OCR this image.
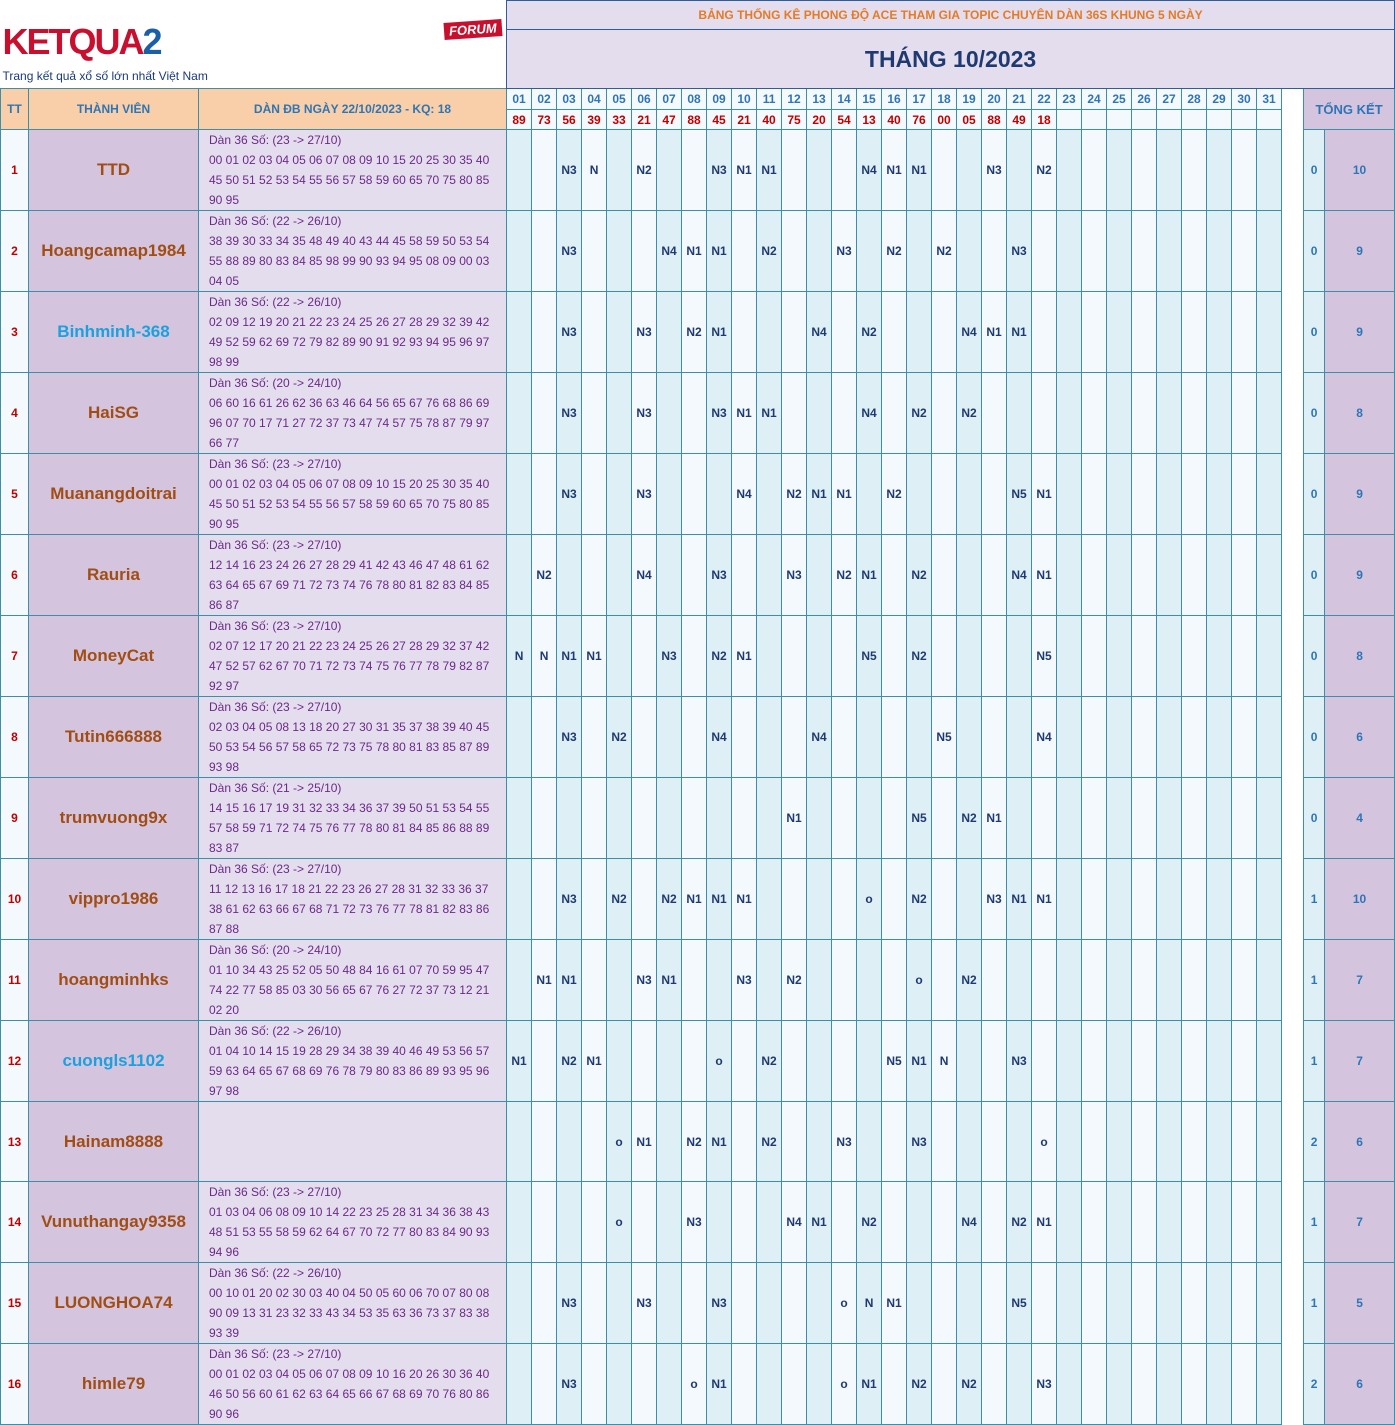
KETQUA2 FORUM
Trang kết quả xổ số lớn nhất Việt Nam			BẢNG THỐNG KÊ PHONG ĐỘ ACE THAM GIA TOPIC CHUYÊN DÀN 36S KHUNG 5 NGÀY																																	
			THÁNG 10/2023																																	
TT	THÀNH VIÊN	DÀN ĐB NGÀY 22/10/2023 - KQ: 18	01	02	03	04	05	06	07	08	09	10	11	12	13	14	15	16	17	18	19	20	21	22	23	24	25	26	27	28	29	30	31		TỔNG KẾT	
			89	73	56	39	33	21	47	88	45	21	40	75	20	54	13	40	76	00	05	88	49	18												
1	TTD	Dàn 36 Số: (23 -> 27/10)
00 01 02 03 04 05 06 07 08 09 10 15 20 25 30 35 40
45 50 51 52 53 54 55 56 57 58 59 60 65 70 75 80 85
90 95			N3	N		N2			N3	N1	N1				N4	N1	N1			N3		N2											0	10
2	Hoangcamap1984	Dàn 36 Số: (22 -> 26/10)
38 39 30 33 34 35 48 49 40 43 44 45 58 59 50 53 54
55 88 89 80 83 84 85 98 99 90 93 94 95 08 09 00 03
04 05			N3				N4	N1	N1		N2			N3		N2		N2			N3												0	9
3	Binhminh-368	Dàn 36 Số: (22 -> 26/10)
02 09 12 19 20 21 22 23 24 25 26 27 28 29 32 39 42
49 52 59 62 69 72 79 82 89 90 91 92 93 94 95 96 97
98 99			N3			N3		N2	N1				N4		N2				N4	N1	N1												0	9
4	HaiSG	Dàn 36 Số: (20 -> 24/10)
06 60 16 61 26 62 36 63 46 64 56 65 67 76 68 86 69
96 07 70 17 71 27 72 37 73 47 74 57 75 78 87 79 97
66 77			N3			N3			N3	N1	N1				N4		N2		N2														0	8
5	Muanangdoitrai	Dàn 36 Số: (23 -> 27/10)
00 01 02 03 04 05 06 07 08 09 10 15 20 25 30 35 40
45 50 51 52 53 54 55 56 57 58 59 60 65 70 75 80 85
90 95			N3			N3				N4		N2	N1	N1		N2					N5	N1											0	9
6	Rauria	Dàn 36 Số: (23 -> 27/10)
12 14 16 23 24 26 27 28 29 41 42 43 46 47 48 61 62
63 64 65 67 69 71 72 73 74 76 78 80 81 82 83 84 85
86 87		N2				N4			N3			N3		N2	N1		N2				N4	N1											0	9
7	MoneyCat	Dàn 36 Số: (23 -> 27/10)
02 07 12 17 20 21 22 23 24 25 26 27 28 29 32 37 42
47 52 57 62 67 70 71 72 73 74 75 76 77 78 79 82 87
92 97	N	N	N1	N1			N3		N2	N1					N5		N2					N5											0	8
8	Tutin666888	Dàn 36 Số: (23 -> 27/10)
02 03 04 05 08 13 18 20 27 30 31 35 37 38 39 40 45
50 53 54 56 57 58 65 72 73 75 78 80 81 83 85 87 89
93 98			N3		N2				N4				N4					N5				N4											0	6
9	trumvuong9x	Dàn 36 Số: (21 -> 25/10)
14 15 16 17 19 31 32 33 34 36 37 39 50 51 53 54 55
57 58 59 71 72 74 75 76 77 78 80 81 84 85 86 88 89
83 87												N1					N5		N2	N1													0	4
10	vippro1986	Dàn 36 Số: (23 -> 27/10)
11 12 13 16 17 18 21 22 23 26 27 28 31 32 33 36 37
38 61 62 63 66 67 68 71 72 73 76 77 78 81 82 83 86
87 88			N3		N2		N2	N1	N1	N1					o		N2			N3	N1	N1											1	10
11	hoangminhks	Dàn 36 Số: (20 -> 24/10)
01 10 34 43 25 52 05 50 48 84 16 61 07 70 59 95 47
74 22 77 58 85 03 30 56 65 67 76 27 72 37 73 12 21
02 20		N1	N1			N3	N1			N3		N2					o		N2														1	7
12	cuongls1102	Dàn 36 Số: (22 -> 26/10)
01 04 10 14 15 19 28 29 34 38 39 40 46 49 53 56 57
59 63 64 65 67 68 69 76 78 79 80 83 86 89 93 95 96
97 98	N1		N2	N1					o		N2					N5	N1	N			N3												1	7
13	Hainam8888						o	N1		N2	N1		N2			N3			N3					o											2	6
14	Vunuthangay9358	Dàn 36 Số: (23 -> 27/10)
01 03 04 06 08 09 10 14 22 23 25 28 31 34 36 38 43
48 51 53 55 58 59 62 64 67 70 72 77 80 83 84 90 93
94 96					o			N3				N4	N1		N2				N4		N2	N1											1	7
15	LUONGHOA74	Dàn 36 Số: (22 -> 26/10)
00 10 01 20 02 30 03 40 04 50 05 60 06 70 07 80 08
90 09 13 31 23 32 33 43 34 53 35 63 36 73 37 83 38
93 39			N3			N3			N3					o	N	N1					N5												1	5
16	himle79	Dàn 36 Số: (23 -> 27/10)
00 01 02 03 04 05 06 07 08 09 10 16 20 26 30 36 40
46 50 56 60 61 62 63 64 65 66 67 68 69 70 76 80 86
90 96			N3					o	N1					o	N1		N2		N2			N3											2	6
